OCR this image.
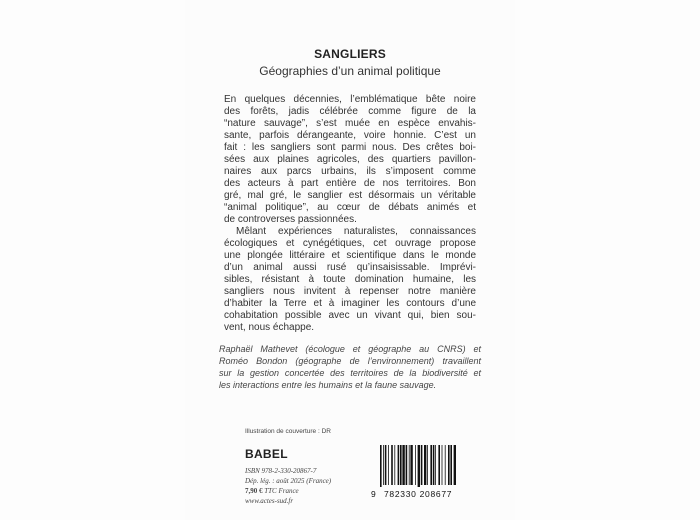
SANGLIERS
Géographies d’un animal politique
En quelques décennies, l’emblématique bête noire
des forêts, jadis célébrée comme figure de la
“nature sauvage”, s’est muée en espèce envahis-
sante, parfois dérangeante, voire honnie. C’est un
fait : les sangliers sont parmi nous. Des crêtes boi-
sées aux plaines agricoles, des quartiers pavillon-
naires aux parcs urbains, ils s’imposent comme
des acteurs à part entière de nos territoires. Bon
gré, mal gré, le sanglier est désormais un véritable
“animal politique”, au cœur de débats animés et
de controverses passionnées.
Mêlant expériences naturalistes, connaissances
écologiques et cynégétiques, cet ouvrage propose
une plongée littéraire et scientifique dans le monde
d’un animal aussi rusé qu’insaisissable. Imprévi-
sibles, résistant à toute domination humaine, les
sangliers nous invitent à repenser notre manière
d’habiter la Terre et à imaginer les contours d’une
cohabitation possible avec un vivant qui, bien sou-
vent, nous échappe.
Raphaël Mathevet (écologue et géographe au CNRS) et
Roméo Bondon (géographe de l’environnement) travaillent
sur la gestion concertée des territoires de la biodiversité et
les interactions entre les humains et la faune sauvage.
Illustration de couverture : DR
BABEL
ISBN 978-2-330-20867-7
Dép. lég. : août 2025 (France)
7,90 € TTC France
www.actes-sud.fr
9 782330 208677
